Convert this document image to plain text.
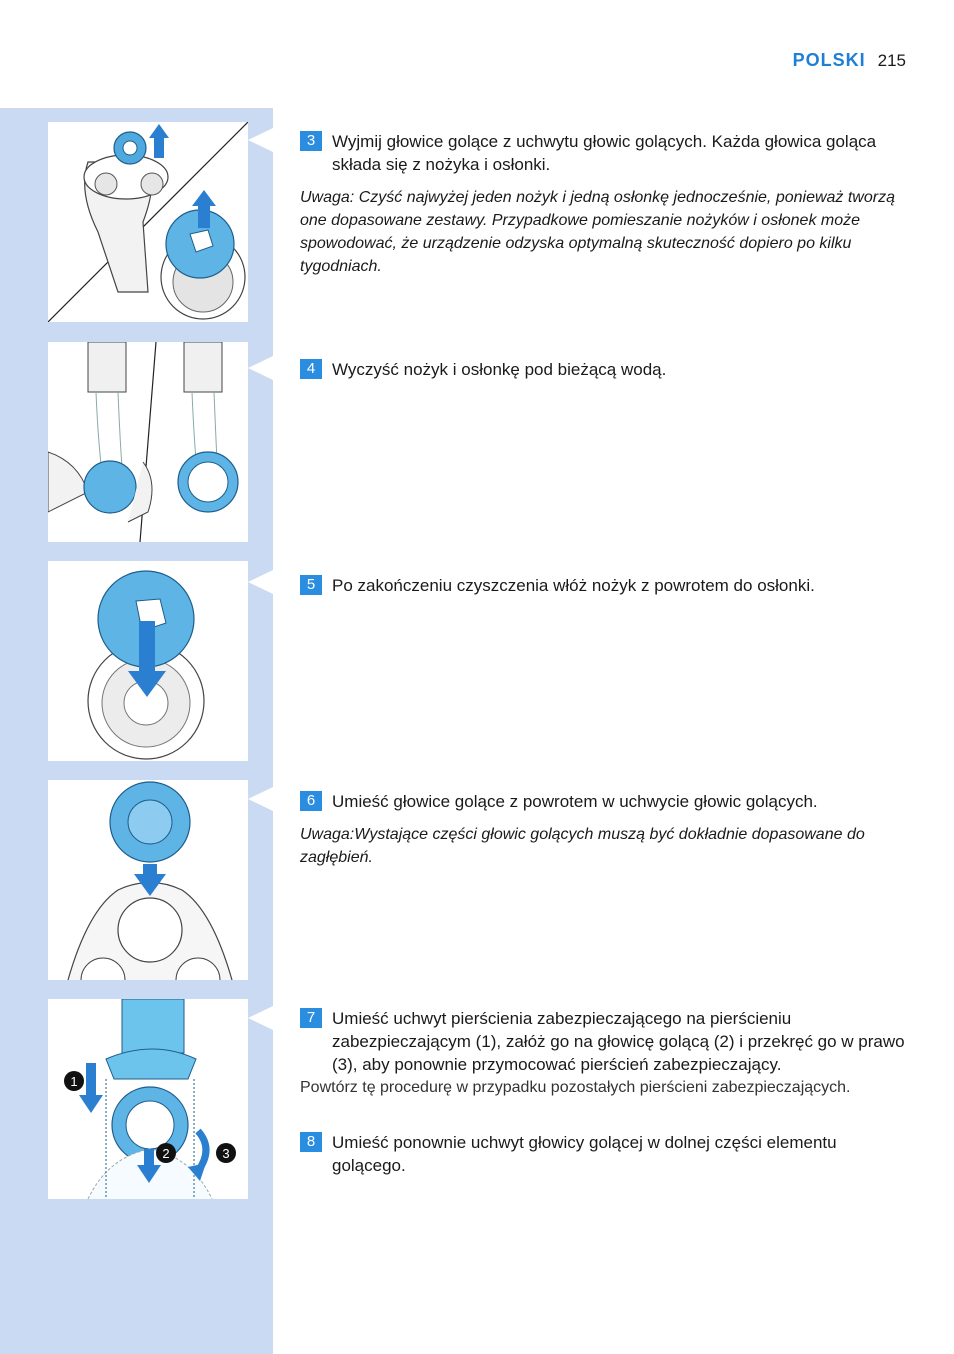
POLSKI 215
1
2	3
3 Wyjmij głowice golące z uchwytu głowic golących. Każda głowica goląca składa się z nożyka i osłonki.
Uwaga: Czyść najwyżej jeden nożyk i jedną osłonkę jednocześnie, ponieważ tworzą one dopasowane zestawy. Przypadkowe pomieszanie nożyków i osłonek może spowodować, że urządzenie odzyska optymalną skuteczność dopiero po kilku tygodniach.
4 Wyczyść nożyk i osłonkę pod bieżącą wodą.
5 Po zakończeniu czyszczenia włóż nożyk z powrotem do osłonki.
6 Umieść głowice golące z powrotem w uchwycie głowic golących.
Uwaga:Wystające części głowic golących muszą być dokładnie dopasowane do zagłębień.
7 Umieść uchwyt pierścienia zabezpieczającego na pierścieniu zabezpieczającym (1), załóż go na głowicę golącą (2) i przekręć go w prawo (3), aby ponownie przymocować pierścień zabezpieczający.
Powtórz tę procedurę w przypadku pozostałych pierścieni zabezpieczających.
8 Umieść ponownie uchwyt głowicy golącej w dolnej części elementu golącego.
